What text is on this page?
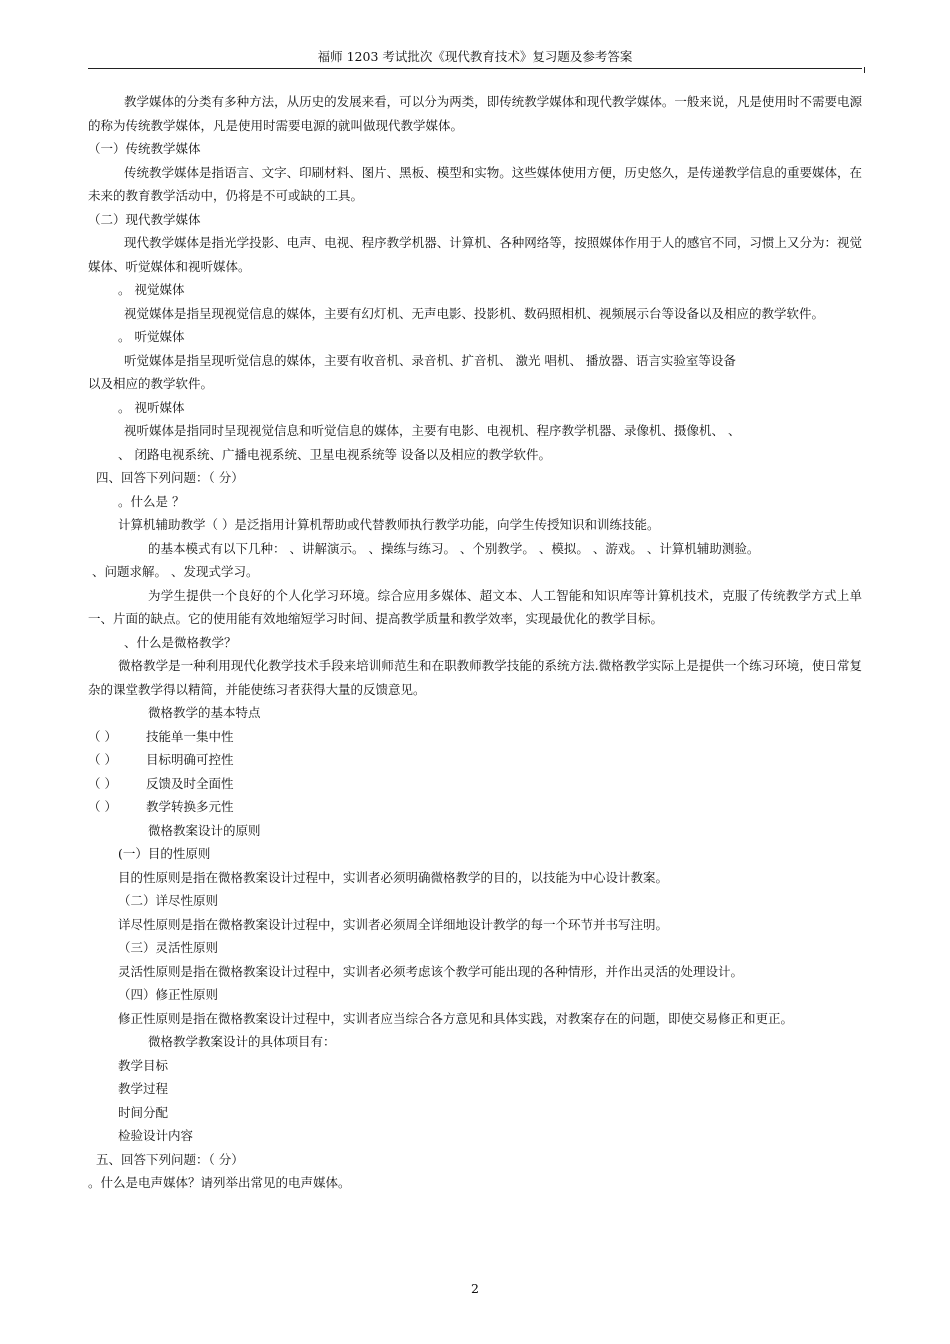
福师 1203 考试批次《现代教育技术》复习题及参考答案
教学媒体的分类有多种方法，从历史的发展来看，可以分为两类，即传统教学媒体和现代教学媒体。一般来说，凡是使用时不需要电源的称为传统教学媒体，凡是使用时需要电源的就叫做现代教学媒体。
（一）传统教学媒体
传统教学媒体是指语言、文字、印刷材料、图片、黑板、模型和实物。这些媒体使用方便，历史悠久，是传递教学信息的重要媒体，在未来的教育教学活动中，仍将是不可或缺的工具。
（二）现代教学媒体
现代教学媒体是指光学投影、电声、电视、程序教学机器、计算机、各种网络等，按照媒体作用于人的感官不同，习惯上又分为：视觉媒体、听觉媒体和视听媒体。
。 视觉媒体
视觉媒体是指呈现视觉信息的媒体，主要有幻灯机、无声电影、投影机、数码照相机、视频展示台等设备以及相应的教学软件。
。 听觉媒体
听觉媒体是指呈现听觉信息的媒体，主要有收音机、录音机、扩音机、 激光 唱机、 播放器、语言实验室等设备
以及相应的教学软件。
。 视听媒体
视听媒体是指同时呈现视觉信息和听觉信息的媒体，主要有电影、电视机、程序教学机器、录像机、摄像机、 、
、 闭路电视系统、广播电视系统、卫星电视系统等 设备以及相应的教学软件。
四、回答下列问题：（ 分）
。什么是 ？
计算机辅助教学（ ）是泛指用计算机帮助或代替教师执行教学功能，向学生传授知识和训练技能。
的基本模式有以下几种： 、讲解演示。 、操练与练习。 、个别教学。 、模拟。 、游戏。 、计算机辅助测验。
、问题求解。 、发现式学习。
为学生提供一个良好的个人化学习环境。综合应用多媒体、超文本、人工智能和知识库等计算机技术，克服了传统教学方式上单一、片面的缺点。它的使用能有效地缩短学习时间、提高教学质量和教学效率，实现最优化的教学目标。
、什么是微格教学？
微格教学是一种利用现代化教学技术手段来培训师范生和在职教师教学技能的系统方法.微格教学实际上是提供一个练习环境，使日常复杂的课堂教学得以精简，并能使练习者获得大量的反馈意见。
微格教学的基本特点
（ ） 技能单一集中性
（ ） 目标明确可控性
（ ） 反馈及时全面性
（ ） 教学转换多元性
微格教案设计的原则
(一）目的性原则
目的性原则是指在微格教案设计过程中，实训者必须明确微格教学的目的，以技能为中心设计教案。
（二）详尽性原则
详尽性原则是指在微格教案设计过程中，实训者必须周全详细地设计教学的每一个环节并书写注明。
（三）灵活性原则
灵活性原则是指在微格教案设计过程中，实训者必须考虑该个教学可能出现的各种情形，并作出灵活的处理设计。
（四）修正性原则
修正性原则是指在微格教案设计过程中，实训者应当综合各方意见和具体实践，对教案存在的问题，即使交易修正和更正。
微格教学教案设计的具体项目有：
教学目标
教学过程
时间分配
检验设计内容
五、回答下列问题：（ 分）
。什么是电声媒体？请列举出常见的电声媒体。
2
